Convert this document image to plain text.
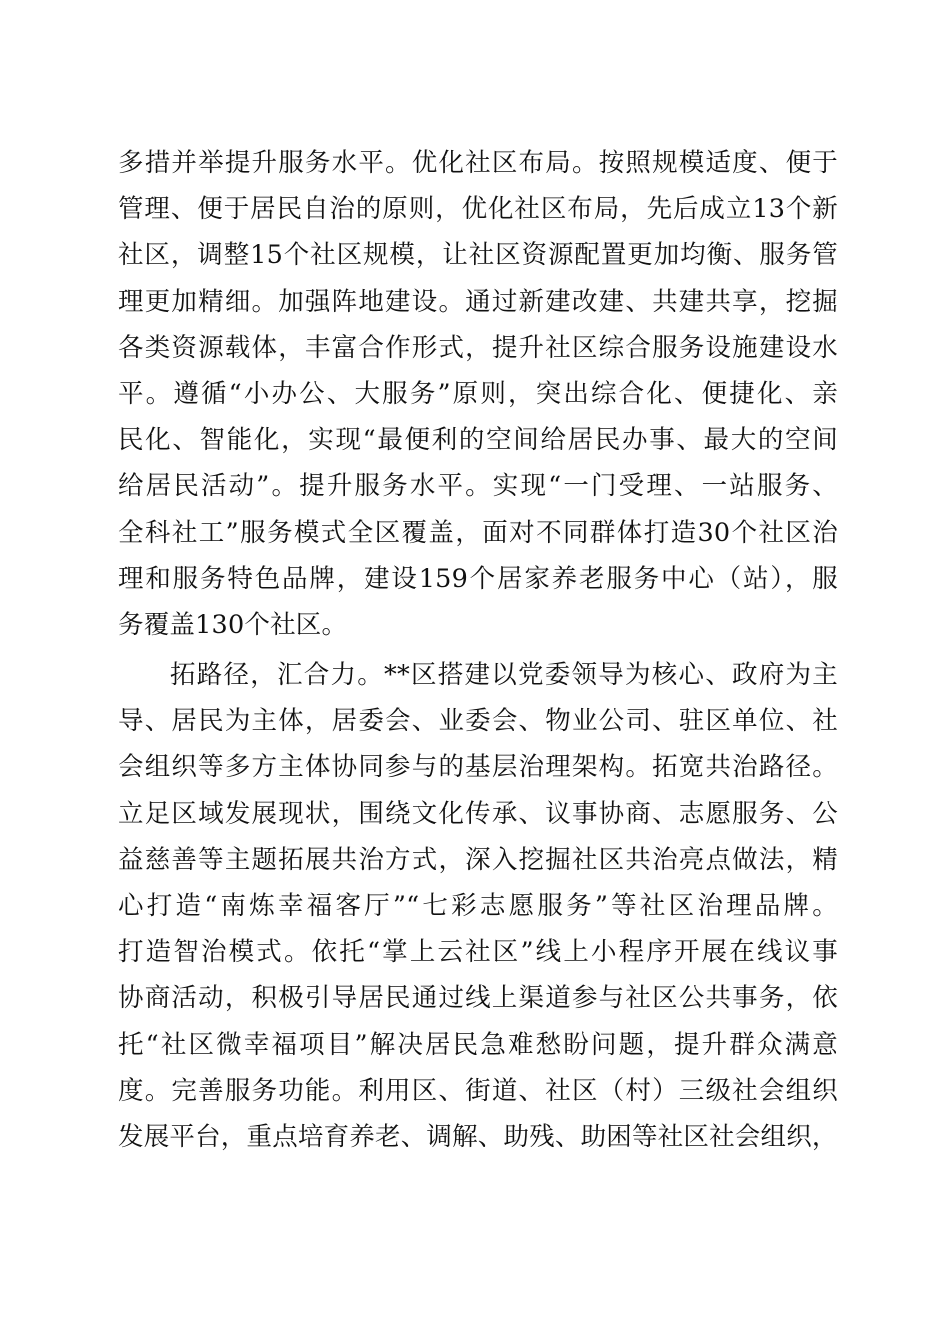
多措并举提升服务水平。优化社区布局。按照规模适度、便于
管理、便于居民自治的原则，优化社区布局，先后成立13个新
社区，调整15个社区规模，让社区资源配置更加均衡、服务管
理更加精细。加强阵地建设。通过新建改建、共建共享，挖掘
各类资源载体，丰富合作形式，提升社区综合服务设施建设水
平。遵循“小办公、大服务”原则，突出综合化、便捷化、亲
民化、智能化，实现“最便利的空间给居民办事、最大的空间
给居民活动”。提升服务水平。实现“一门受理、一站服务、
全科社工”服务模式全区覆盖，面对不同群体打造30个社区治
理和服务特色品牌，建设159个居家养老服务中心（站），服
务覆盖130个社区。
拓路径，汇合力。**区搭建以党委领导为核心、政府为主
导、居民为主体，居委会、业委会、物业公司、驻区单位、社
会组织等多方主体协同参与的基层治理架构。拓宽共治路径。
立足区域发展现状，围绕文化传承、议事协商、志愿服务、公
益慈善等主题拓展共治方式，深入挖掘社区共治亮点做法，精
心打造“南炼幸福客厅”“七彩志愿服务”等社区治理品牌。
打造智治模式。依托“掌上云社区”线上小程序开展在线议事
协商活动，积极引导居民通过线上渠道参与社区公共事务，依
托“社区微幸福项目”解决居民急难愁盼问题，提升群众满意
度。完善服务功能。利用区、街道、社区（村）三级社会组织
发展平台，重点培育养老、调解、助残、助困等社区社会组织，
